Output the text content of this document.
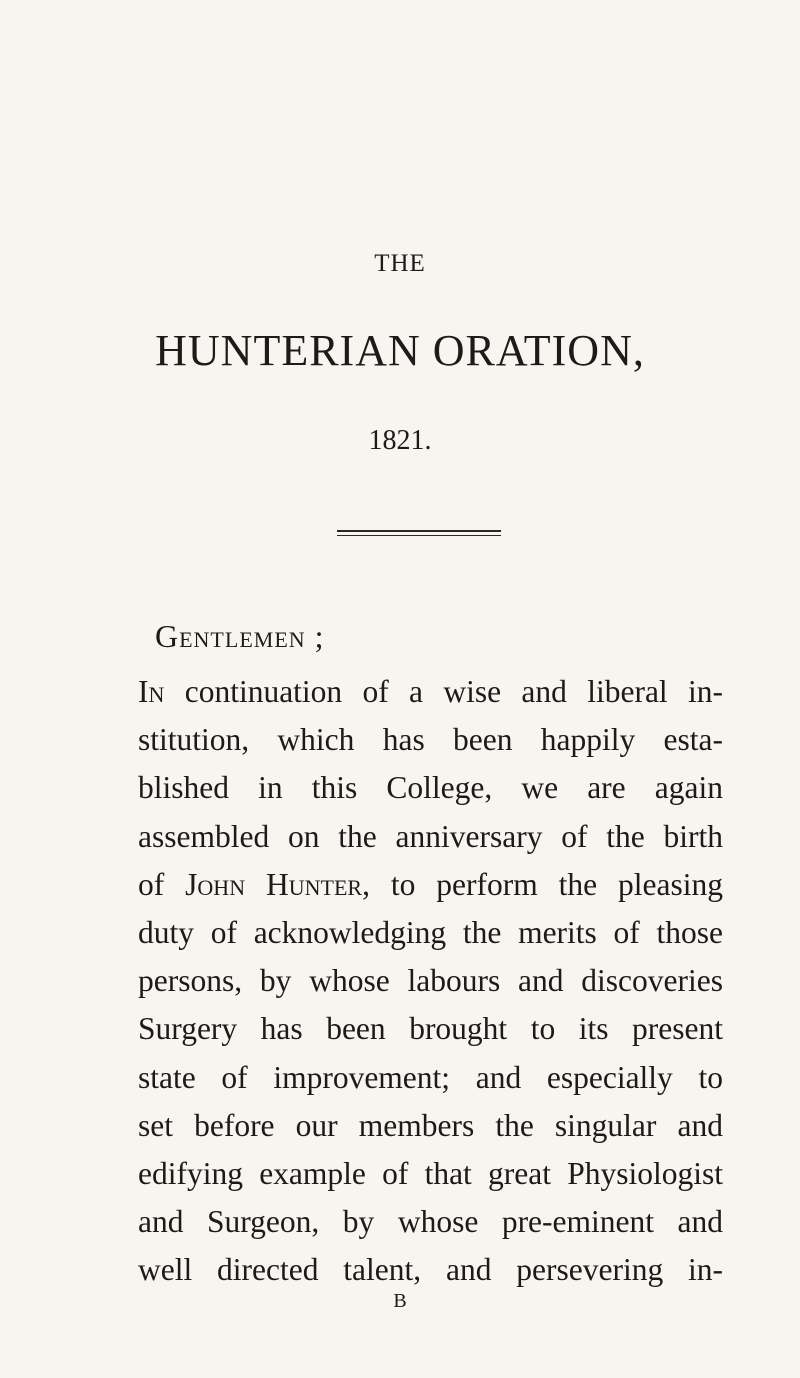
THE
HUNTERIAN ORATION,
1821.
Gentlemen ;
In continuation of a wise and liberal in-
stitution, which has been happily esta-
blished in this College, we are again
assembled on the anniversary of the birth
of John Hunter, to perform the pleasing
duty of acknowledging the merits of those
persons, by whose labours and discoveries
Surgery has been brought to its present
state of improvement; and especially to
set before our members the singular and
edifying example of that great Physiologist
and Surgeon, by whose pre-eminent and
well directed talent, and persevering in-
B
